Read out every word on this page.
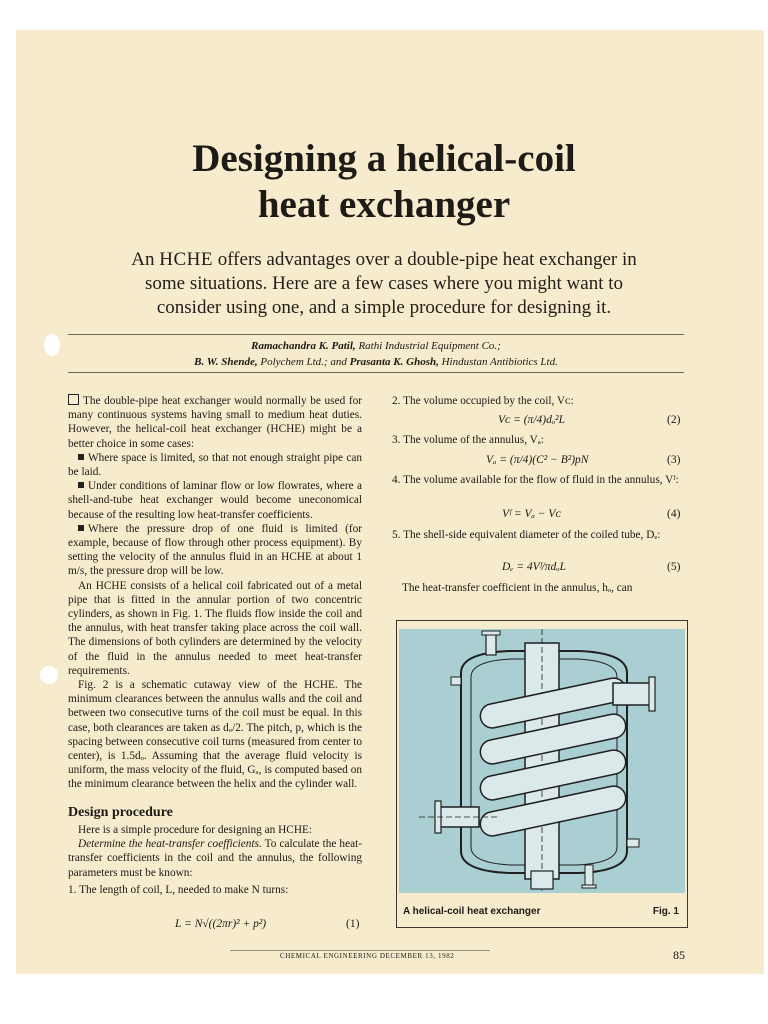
Designing a helical-coil
heat exchanger

An HCHE offers advantages over a double-pipe heat exchanger in
some situations. Here are a few cases where you might want to
consider using one, and a simple procedure for designing it.

Ramachandra K. Patil, Rathi Industrial Equipment Co.;
B. W. Shende, Polychem Ltd.; and Prasanta K. Ghosh, Hindustan Antibiotics Ltd.

The double-pipe heat exchanger would normally be used for many continuous systems having small to medium heat duties. However, the helical-coil heat exchanger (HCHE) might be a better choice in some cases:

Where space is limited, so that not enough straight pipe can be laid.

Under conditions of laminar flow or low flowrates, where a shell-and-tube heat exchanger would become uneconomical because of the resulting low heat-transfer coefficients.

Where the pressure drop of one fluid is limited (for example, because of flow through other process equipment). By setting the velocity of the annulus fluid in an HCHE at about 1 m/s, the pressure drop will be low.

An HCHE consists of a helical coil fabricated out of a metal pipe that is fitted in the annular portion of two concentric cylinders, as shown in Fig. 1. The fluids flow inside the coil and the annulus, with heat transfer taking place across the coil wall. The dimensions of both cylinders are determined by the velocity of the fluid in the annulus needed to meet heat-transfer requirements.

Fig. 2 is a schematic cutaway view of the HCHE. The minimum clearances between the annulus walls and the coil and between two consecutive turns of the coil must be equal. In this case, both clearances are taken as dₒ/2. The pitch, p, which is the spacing between consecutive coil turns (measured from center to center), is 1.5dₒ. Assuming that the average fluid velocity is uniform, the mass velocity of the fluid, Gₐ, is computed based on the minimum clearance between the helix and the cylinder wall.

Design procedure

Here is a simple procedure for designing an HCHE:

Determine the heat-transfer coefficients. To calculate the heat-transfer coefficients in the coil and the annulus, the following parameters must be known:

1. The length of coil, L, needed to make N turns:

L = N√((2πr)² + p²)	(1)
2. The volume occupied by the coil, Vᴄ:
Vᴄ = (π/4)dₒ²L	(2)
3. The volume of the annulus, Vₐ:
Vₐ = (π/4)(C² − B²)pN	(3)
4. The volume available for the flow of fluid in the annulus, Vᶠ:
Vᶠ = Vₐ − Vᴄ	(4)
5. The shell-side equivalent diameter of the coiled tube, Dₑ:
Dₑ = 4Vᶠ/πdₒL	(5)
The heat-transfer coefficient in the annulus, hₒ, can
A helical-coil heat exchanger	Fig. 1
CHEMICAL ENGINEERING DECEMBER 13, 1982	85
